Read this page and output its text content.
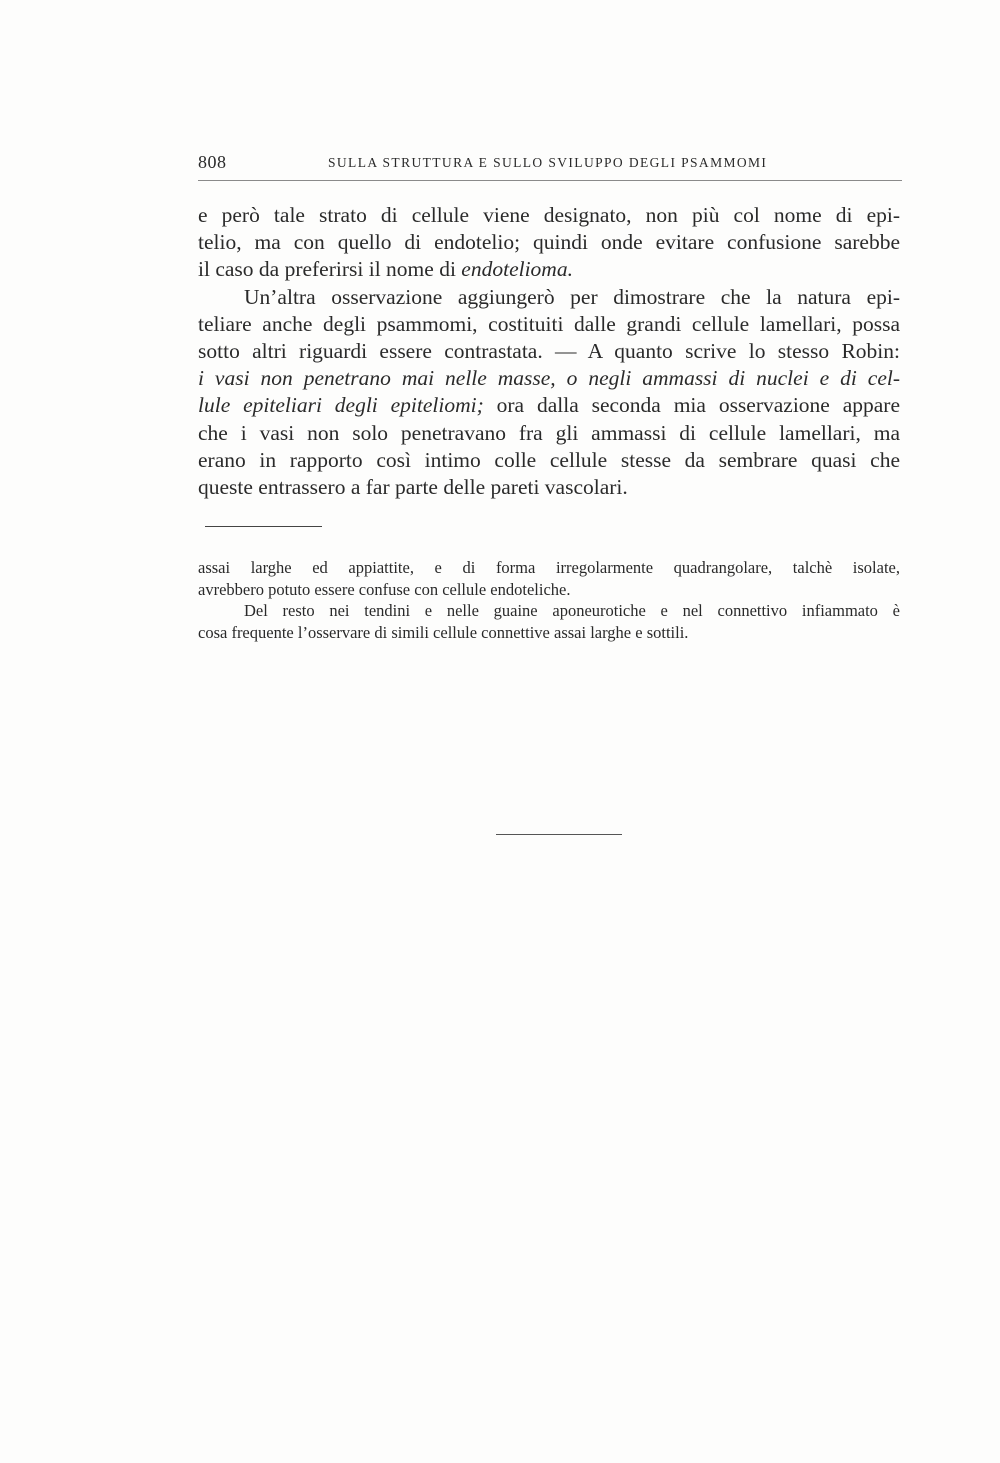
808	SULLA STRUTTURA E SULLO SVILUPPO DEGLI PSAMMOMI
e però tale strato di cellule viene designato, non più col nome di epi-
telio, ma con quello di endotelio; quindi onde evitare confusione sarebbe
il caso da preferirsi il nome di endotelioma.
Un’altra osservazione aggiungerò per dimostrare che la natura epi-
teliare anche degli psammomi, costituiti dalle grandi cellule lamellari, possa
sotto altri riguardi essere contrastata. — A quanto scrive lo stesso Robin:
i vasi non penetrano mai nelle masse, o negli ammassi di nuclei e di cel-
lule epiteliari degli epiteliomi; ora dalla seconda mia osservazione appare
che i vasi non solo penetravano fra gli ammassi di cellule lamellari, ma
erano in rapporto così intimo colle cellule stesse da sembrare quasi che
queste entrassero a far parte delle pareti vascolari.
assai larghe ed appiattite, e di forma irregolarmente quadrangolare, talchè isolate,
avrebbero potuto essere confuse con cellule endoteliche.
Del resto nei tendini e nelle guaine aponeurotiche e nel connettivo infiammato è
cosa frequente l’osservare di simili cellule connettive assai larghe e sottili.
